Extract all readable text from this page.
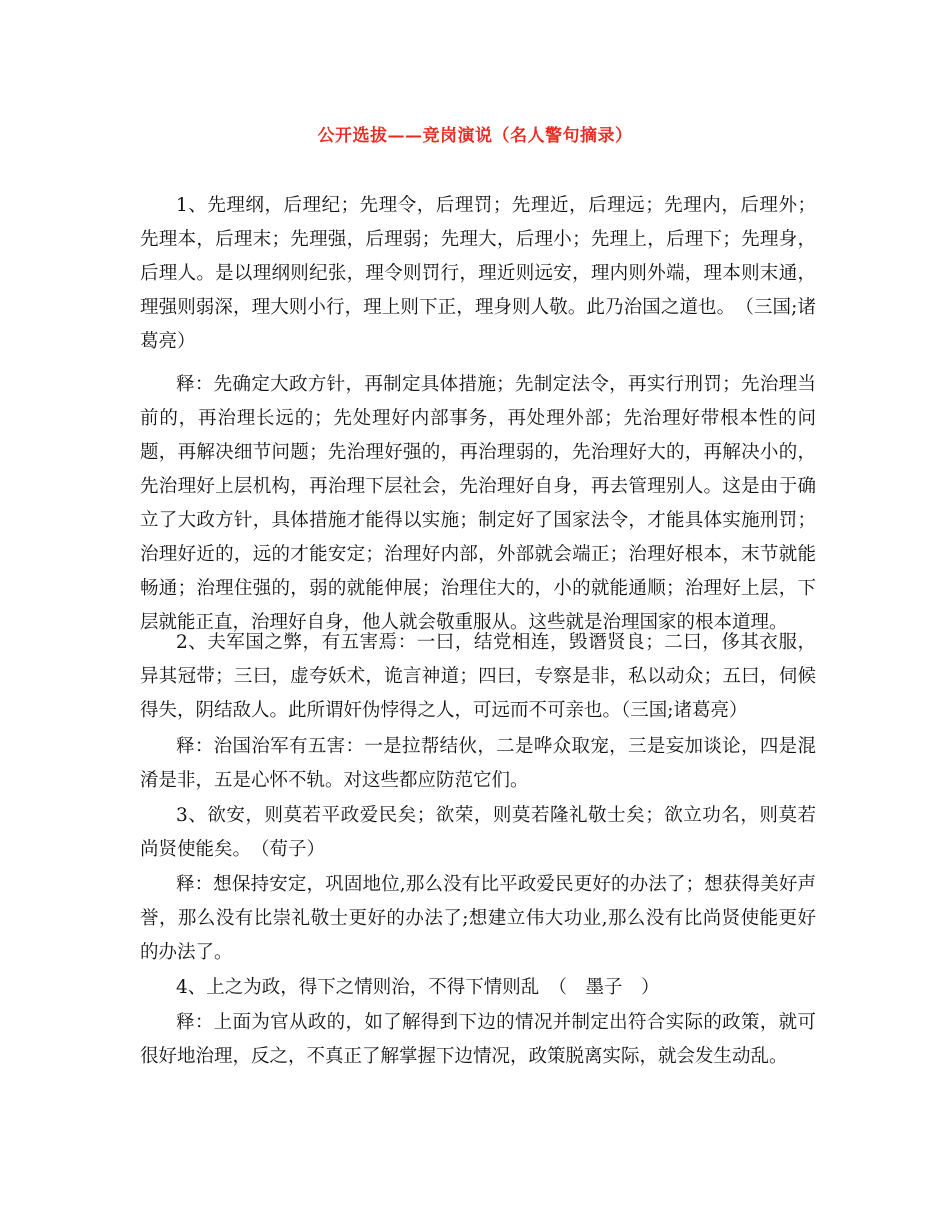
公开选拔——竞岗演说（名人警句摘录）

1、先理纲，后理纪；先理令，后理罚；先理近，后理远；先理内，后理外；先理本，后理末；先理强，后理弱；先理大，后理小；先理上，后理下；先理身，后理人。是以理纲则纪张，理令则罚行，理近则远安，理内则外端，理本则末通，理强则弱深，理大则小行，理上则下正，理身则人敬。此乃治国之道也。　（三国;诸葛亮）

释：先确定大政方针，再制定具体措施；先制定法令，再实行刑罚；先治理当前的，再治理长远的；先处理好内部事务，再处理外部；先治理好带根本性的问题，再解决细节问题；先治理好强的，再治理弱的，先治理好大的，再解决小的，先治理好上层机构，再治理下层社会，先治理好自身，再去管理别人。这是由于确立了大政方针，具体措施才能得以实施；制定好了国家法令，才能具体实施刑罚；治理好近的，远的才能安定；治理好内部，外部就会端正；治理好根本，末节就能畅通；治理住强的，弱的就能伸展；治理住大的，小的就能通顺；治理好上层，下层就能正直，治理好自身，他人就会敬重服从。这些就是治理国家的根本道理。

2、夫军国之弊，有五害焉：一曰，结党相连，毁谮贤良；二曰，侈其衣服，异其冠带；三曰，虚夸妖术，诡言神道；四曰，专察是非，私以动众；五曰，伺候得失，阴结敌人。此所谓奸伪悖得之人，可远而不可亲也。（三国;诸葛亮）

释：治国治军有五害：一是拉帮结伙，二是哗众取宠，三是妄加谈论，四是混淆是非，五是心怀不轨。对这些都应防范它们。

3、欲安，则莫若平政爱民矣；欲荣，则莫若隆礼敬士矣；欲立功名，则莫若尚贤使能矣。　（荀子）

释：想保持安定，巩固地位,那么没有比平政爱民更好的办法了；想获得美好声誉，那么没有比崇礼敬士更好的办法了;想建立伟大功业,那么没有比尚贤使能更好的办法了。

4、上之为政，得下之情则治，不得下情则乱　（　墨子　）

释：上面为官从政的，如了解得到下边的情况并制定出符合实际的政策，就可很好地治理，反之，不真正了解掌握下边情况，政策脱离实际，就会发生动乱。
